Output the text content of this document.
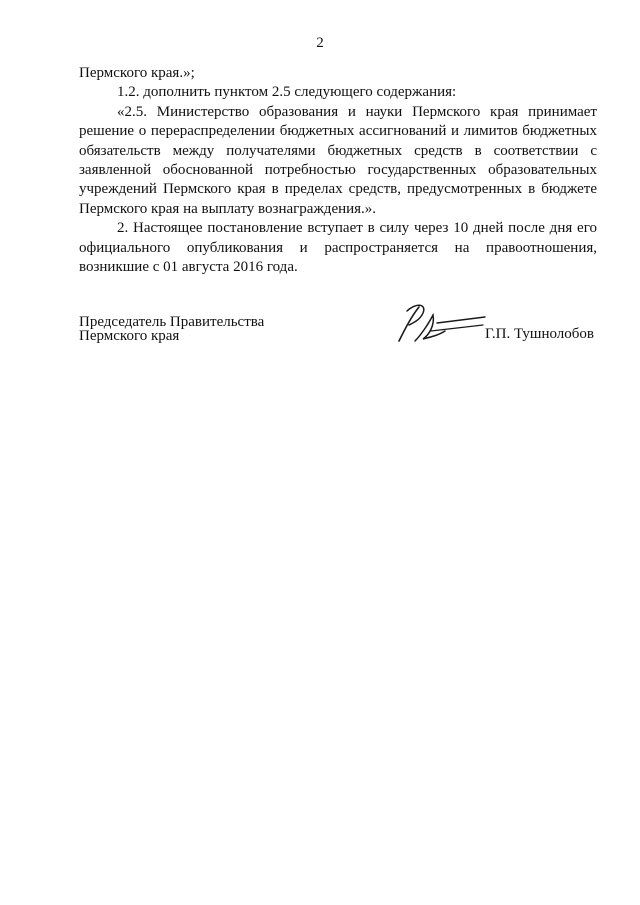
2

Пермского края.»;

1.2. дополнить пунктом 2.5 следующего содержания:

«2.5. Министерство образования и науки Пермского края принимает решение о перераспределении бюджетных ассигнований и лимитов бюджетных обязательств между получателями бюджетных средств в соответствии с заявленной обоснованной потребностью государственных образовательных учреждений Пермского края в пределах средств, предусмотренных в бюджете Пермского края на выплату вознаграждения.».

2. Настоящее постановление вступает в силу через 10 дней после дня его официального опубликования и распространяется на правоотношения, возникшие с 01 августа 2016 года.

Председатель Правительства
Пермского края	Г.П. Тушнолобов
